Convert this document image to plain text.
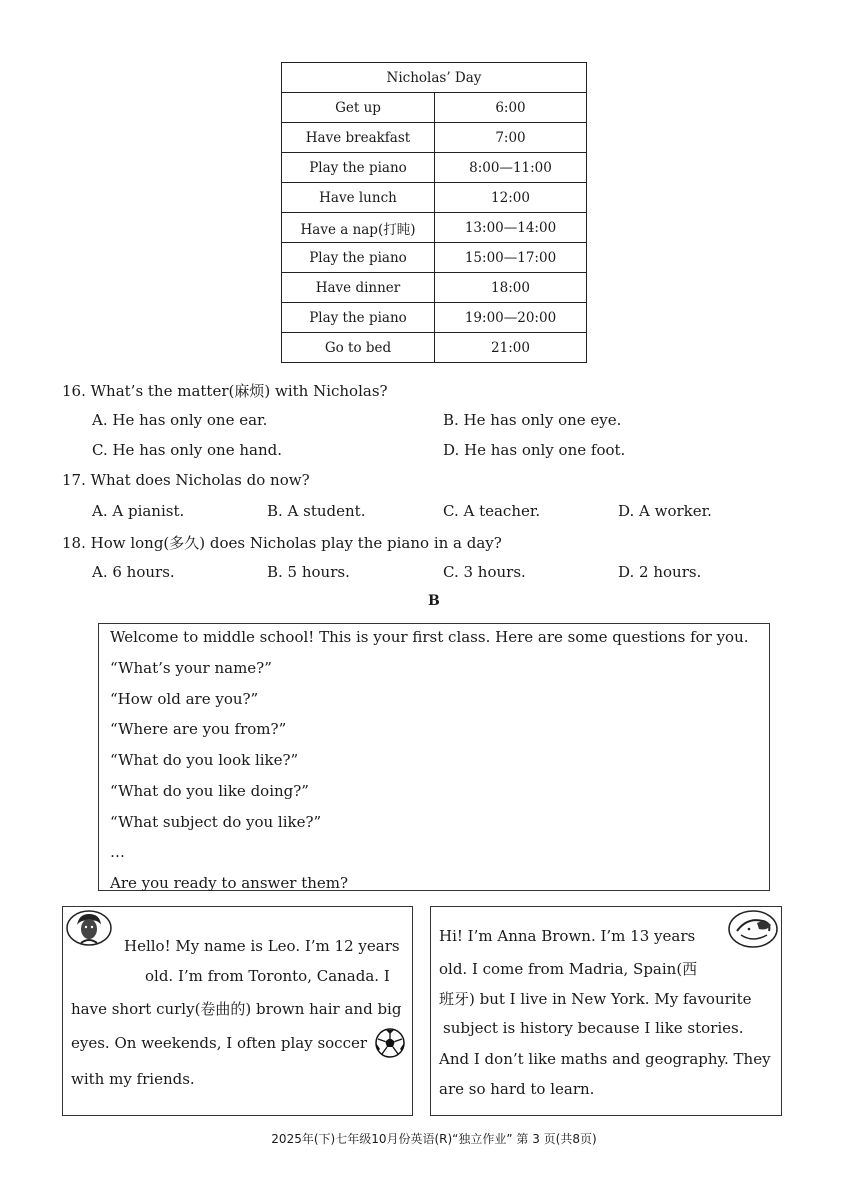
Nicholas’ Day	
Get up	6:00
Have breakfast	7:00
Play the piano	8:00—11:00
Have lunch	12:00
Have a nap(打盹)	13:00—14:00
Play the piano	15:00—17:00
Have dinner	18:00
Play the piano	19:00—20:00
Go to bed	21:00
16. What’s the matter(麻烦) with Nicholas?
A. He has only one ear.	B. He has only one eye.
C. He has only one hand.	D. He has only one foot.
17. What does Nicholas do now?
A. A pianist.	B. A student.	C. A teacher.	D. A worker.
18. How long(多久) does Nicholas play the piano in a day?
A. 6 hours.	B. 5 hours.	C. 3 hours.	D. 2 hours.
B
Welcome to middle school! This is your first class. Here are some questions for you.
“What’s your name?”
“How old are you?”
“Where are you from?”
“What do you look like?”
“What do you like doing?”
“What subject do you like?”
…
Are you ready to answer them?
Hello! My name is Leo. I’m 12 years
old. I’m from Toronto, Canada. I
have short curly(卷曲的) brown hair and big
eyes. On weekends, I often play soccer
with my friends.
Hi! I’m Anna Brown. I’m 13 years
old. I come from Madria, Spain(西
班牙) but I live in New York. My favourite
subject is history because I like stories.
And I don’t like maths and geography. They
are so hard to learn.
2025年(下)七年级10月份英语(R)“独立作业” 第 3 页(共8页)
